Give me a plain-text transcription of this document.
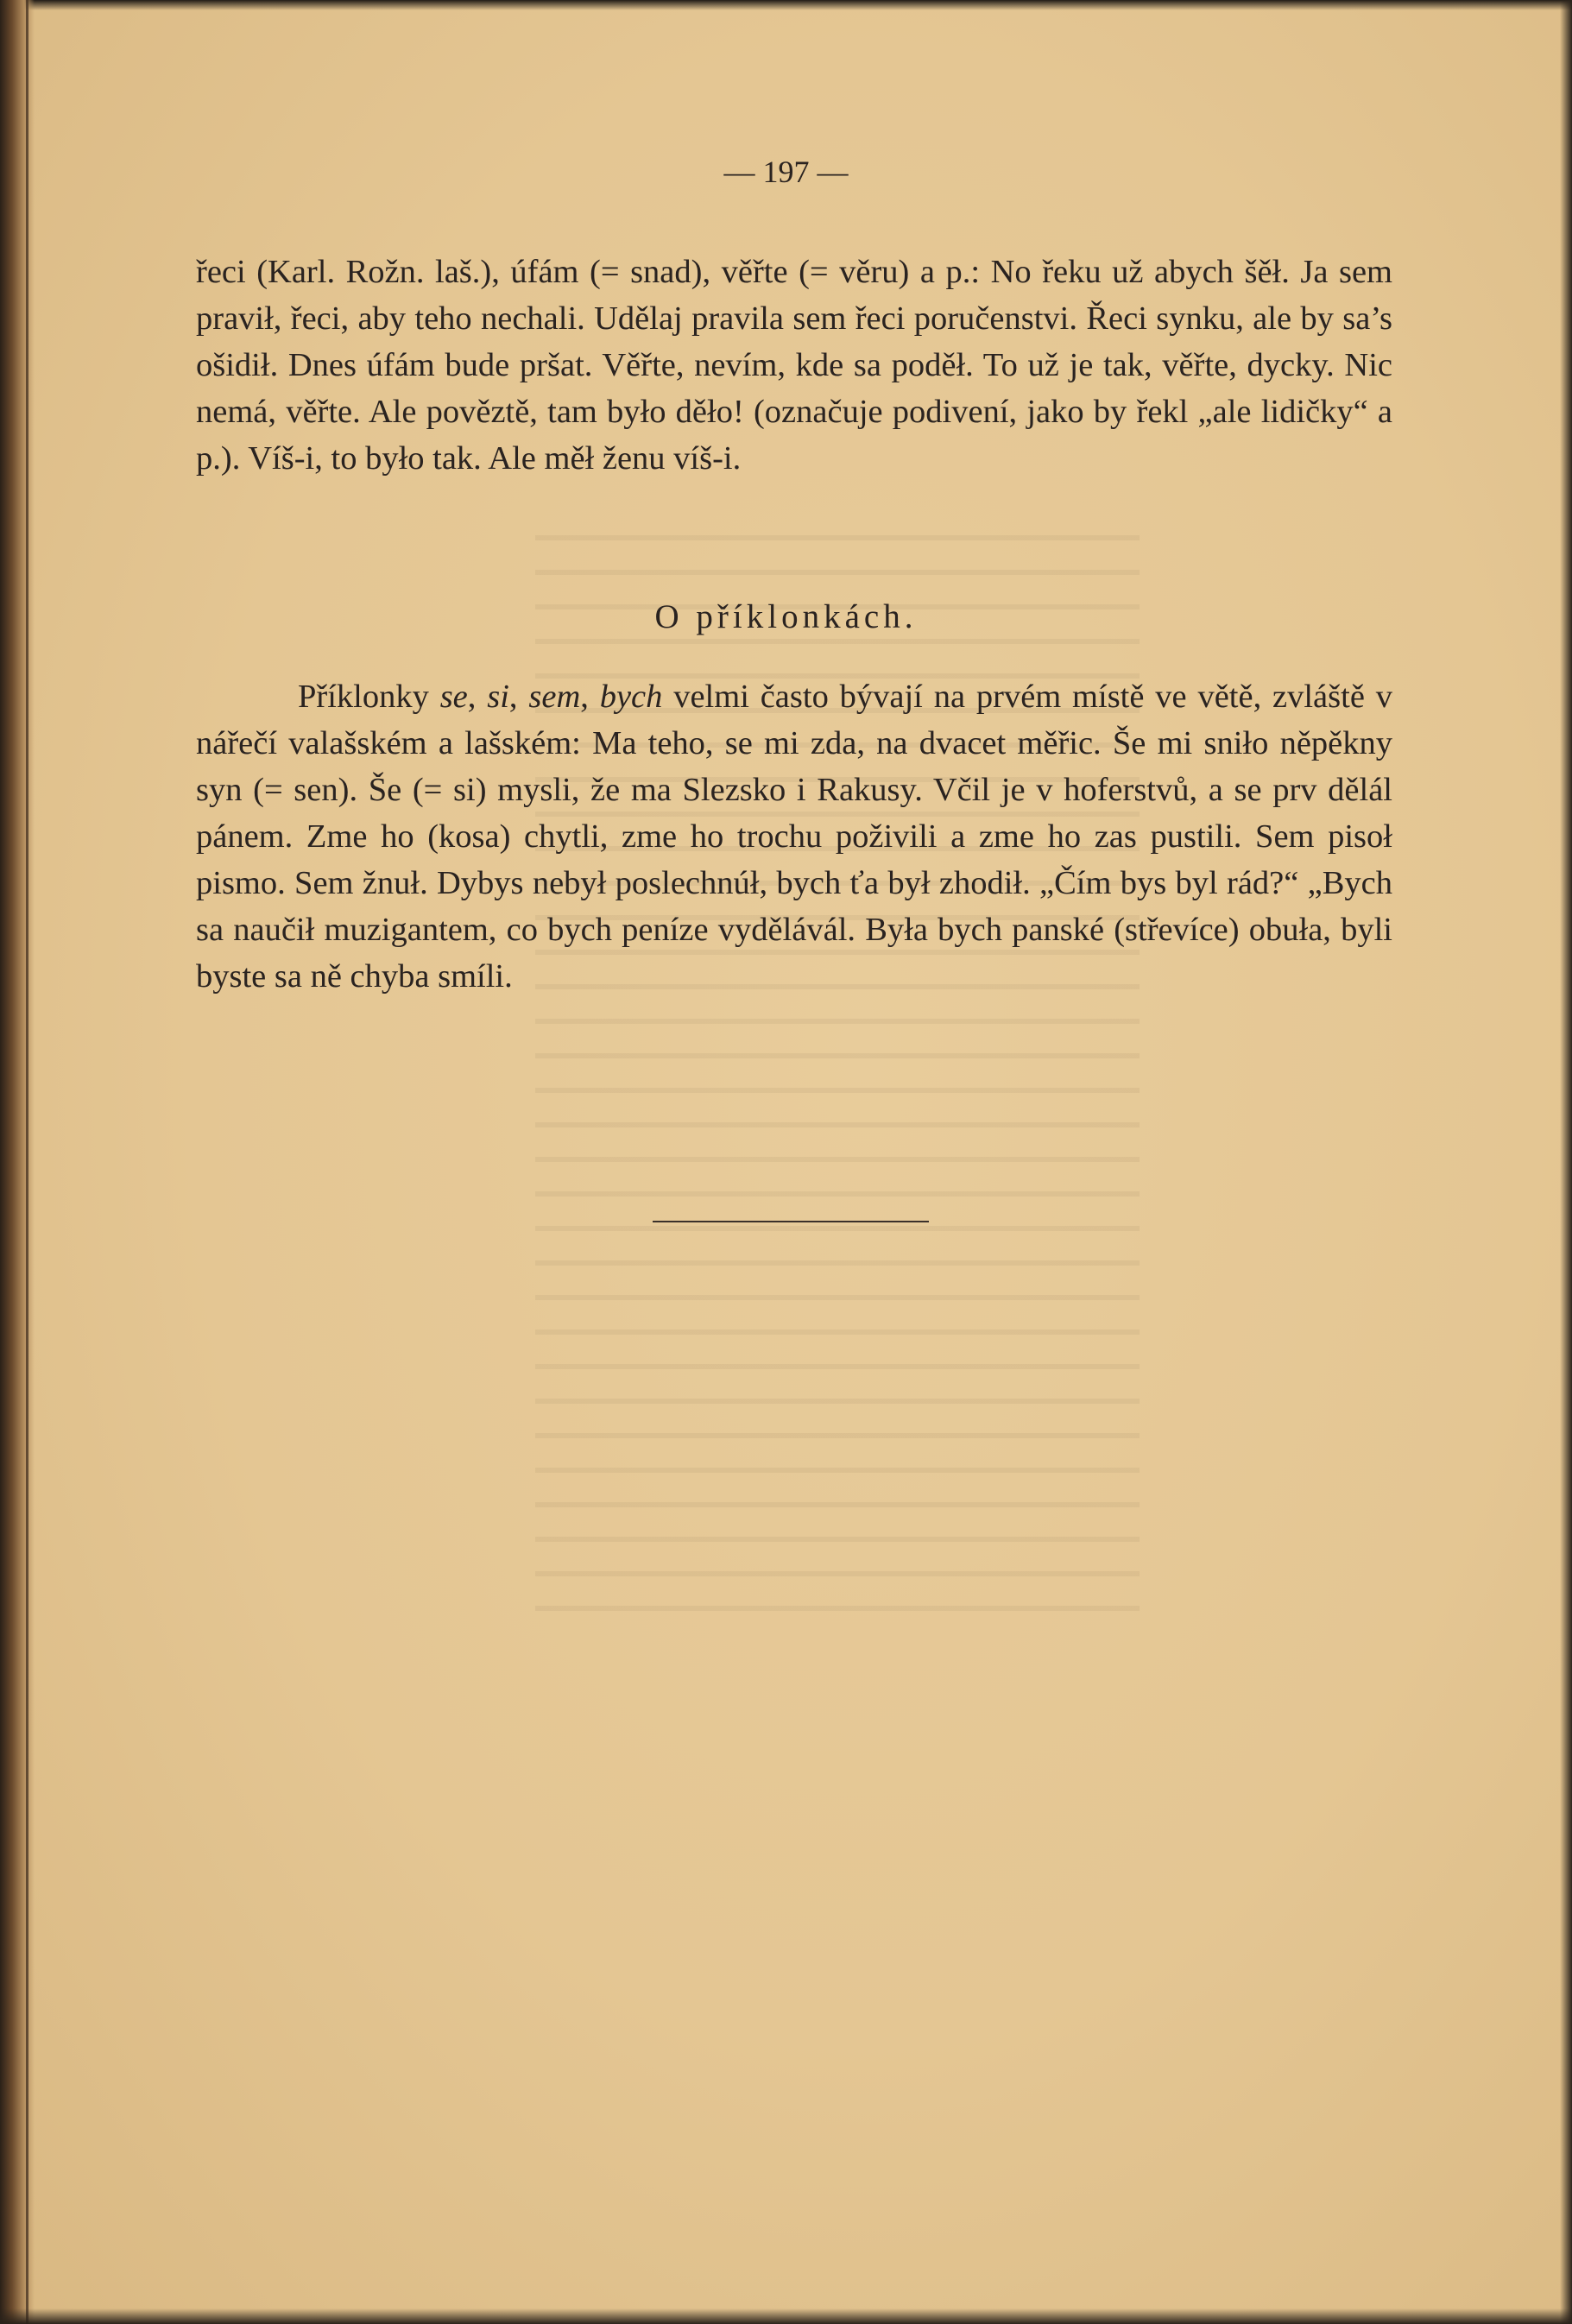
— 197 —

řeci (Karl. Rožn. laš.), úfám (= snad), věřte (= věru) a p.: No řeku už abych šěł. Ja sem pravił, řeci, aby teho nechali. Udělaj pravila sem řeci poručenstvi. Řeci synku, ale by sa’s ošidił. Dnes úfám bude pršat. Věřte, nevím, kde sa poděł. To už je tak, věřte, dycky. Nic nemá, věřte. Ale pověztě, tam było děło! (označuje podivení, jako by řekl „ale lidičky“ a p.). Víš-i, to było tak. Ale měł ženu víš-i.

O příklonkách.

Příklonky se, si, sem, bych velmi často bývají na prvém místě ve větě, zvláště v nářečí valašském a lašském: Ma teho, se mi zda, na dvacet měřic. Še mi sniło něpěkny syn (= sen). Še (= si) mysli, že ma Slezsko i Rakusy. Včil je v hoferstvů, a se prv dělál pánem. Zme ho (kosa) chytli, zme ho trochu poživili a zme ho zas pustili. Sem pisoł pismo. Sem žnuł. Dybys nebył poslechnúł, bych ťa był zhodił. „Čím bys byl rád?“ „Bych sa naučił muzigantem, co bych peníze vydělávál. Była bych panské (střevíce) obuła, byli byste sa ně chyba smíli.
